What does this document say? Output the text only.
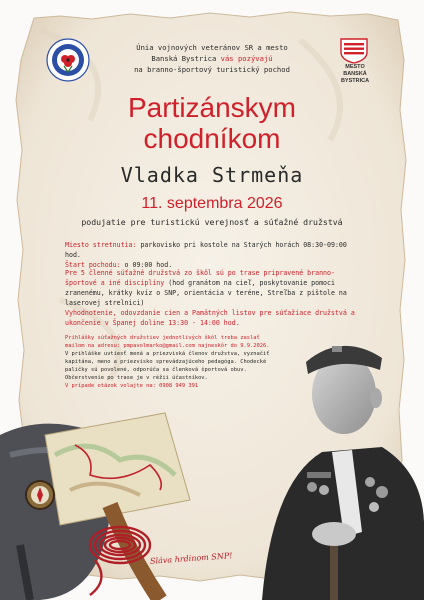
MESTO
BANSKÁ BYSTRICA
Únia vojnových veteránov SR a mesto
Banská Bystrica vás pozývajú
na branno-športový turistický pochod
Partizánskym
chodníkom
Vladka Strmeňa
11. septembra 2026
podujatie pre turistickú verejnosť a súťažné družstvá
Miesto stretnutia: parkovisko pri kostole na Starých horách 08:30-09:00 hod.
Štart pochodu: o 09:00 hod.
Pre 5 členné súťažné družstvá zo škôl sú po trase pripravené branno-športové a iné disciplíny (hod granátom na cieľ, poskytovanie pomoci zranenému, krátky kvíz o SNP, orientácia v teréne, Streľba z pištole na laserovej strelnici)
Vyhodnotenie, odovzdanie cien a Pamätných listov pre súťažiace družstvá a ukončenie v Španej doline 13:30 - 14:00 hod.
Prihlášky súťažných družstiev jednotlivých škôl treba zaslať
mailom na adresu: pmpavolmarko@gmail.com najneskôr do 9.9.2026.
V prihláške uvtiesť mená a priezviská členov družstva, vyznačiť
kapitána, meno a priezvisko sprevádzajúceho pedagóga. Chodecké
paličky sú povolené, odporúča sa členková športová obuv.
Občerstvenie po trase je v réžii účastníkov.
V prípade otázok volajte na: 0908 949 391
Sláva hrdinom SNP!
